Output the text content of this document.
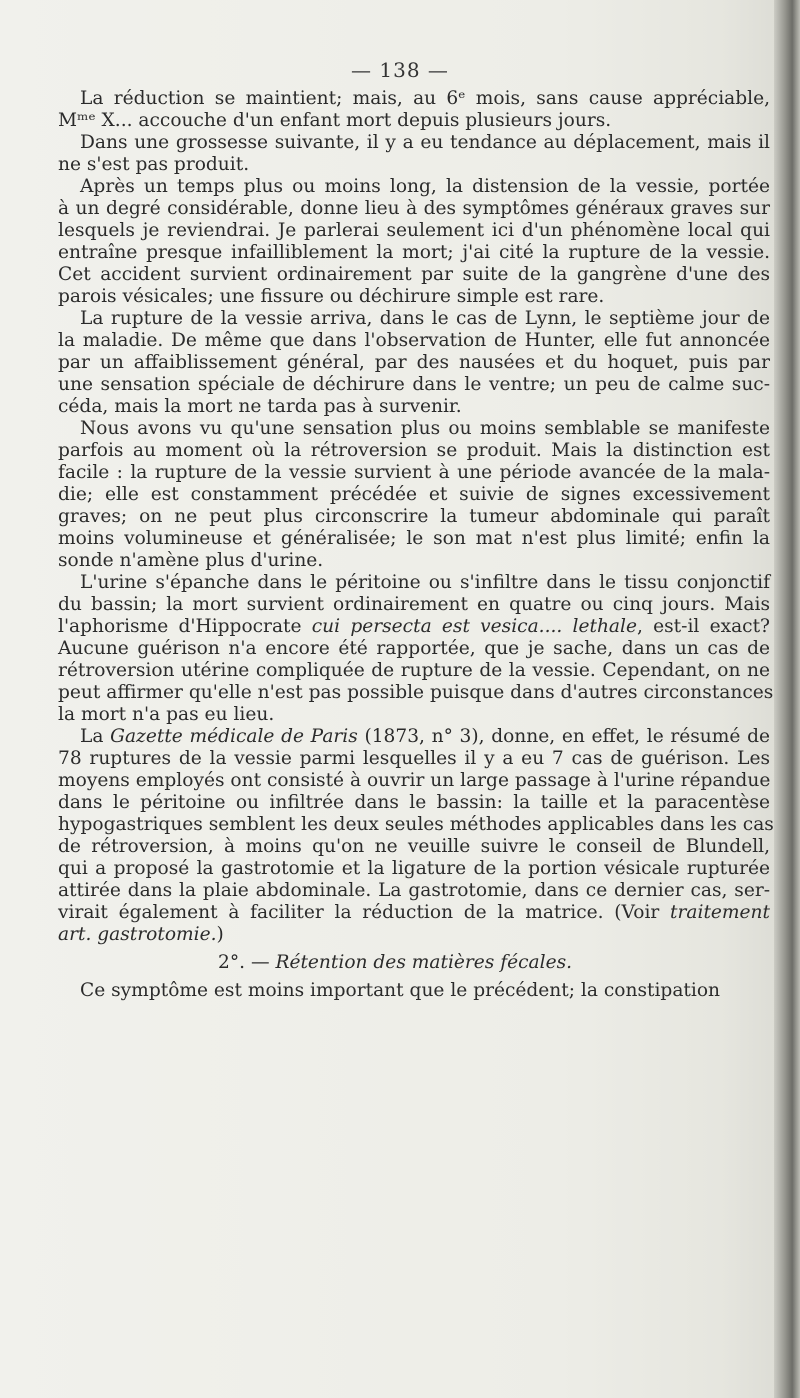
— 138 —
La réduction se maintient; mais, au 6ᵉ mois, sans cause appréciable,
Mᵐᵉ X... accouche d'un enfant mort depuis plusieurs jours.
Dans une grossesse suivante, il y a eu tendance au déplacement, mais il
ne s'est pas produit.
Après un temps plus ou moins long, la distension de la vessie, portée
à un degré considérable, donne lieu à des symptômes généraux graves sur
lesquels je reviendrai. Je parlerai seulement ici d'un phénomène local qui
entraîne presque infailliblement la mort; j'ai cité la rupture de la vessie.
Cet accident survient ordinairement par suite de la gangrène d'une des
parois vésicales; une fissure ou déchirure simple est rare.
La rupture de la vessie arriva, dans le cas de Lynn, le septième jour de
la maladie. De même que dans l'observation de Hunter, elle fut annoncée
par un affaiblissement général, par des nausées et du hoquet, puis par
une sensation spéciale de déchirure dans le ventre; un peu de calme suc-
céda, mais la mort ne tarda pas à survenir.
Nous avons vu qu'une sensation plus ou moins semblable se manifeste
parfois au moment où la rétroversion se produit. Mais la distinction est
facile : la rupture de la vessie survient à une période avancée de la mala-
die; elle est constamment précédée et suivie de signes excessivement
graves; on ne peut plus circonscrire la tumeur abdominale qui paraît
moins volumineuse et généralisée; le son mat n'est plus limité; enfin la
sonde n'amène plus d'urine.
L'urine s'épanche dans le péritoine ou s'infiltre dans le tissu conjonctif
du bassin; la mort survient ordinairement en quatre ou cinq jours. Mais
l'aphorisme d'Hippocrate cui persecta est vesica.... lethale, est-il exact?
Aucune guérison n'a encore été rapportée, que je sache, dans un cas de
rétroversion utérine compliquée de rupture de la vessie. Cependant, on ne
peut affirmer qu'elle n'est pas possible puisque dans d'autres circonstances
la mort n'a pas eu lieu.
La Gazette médicale de Paris (1873, n° 3), donne, en effet, le résumé de
78 ruptures de la vessie parmi lesquelles il y a eu 7 cas de guérison. Les
moyens employés ont consisté à ouvrir un large passage à l'urine répandue
dans le péritoine ou infiltrée dans le bassin: la taille et la paracentèse
hypogastriques semblent les deux seules méthodes applicables dans les cas
de rétroversion, à moins qu'on ne veuille suivre le conseil de Blundell,
qui a proposé la gastrotomie et la ligature de la portion vésicale rupturée
attirée dans la plaie abdominale. La gastrotomie, dans ce dernier cas, ser-
virait également à faciliter la réduction de la matrice. (Voir traitement
art. gastrotomie.)
2°. — Rétention des matières fécales.
Ce symptôme est moins important que le précédent; la constipation
